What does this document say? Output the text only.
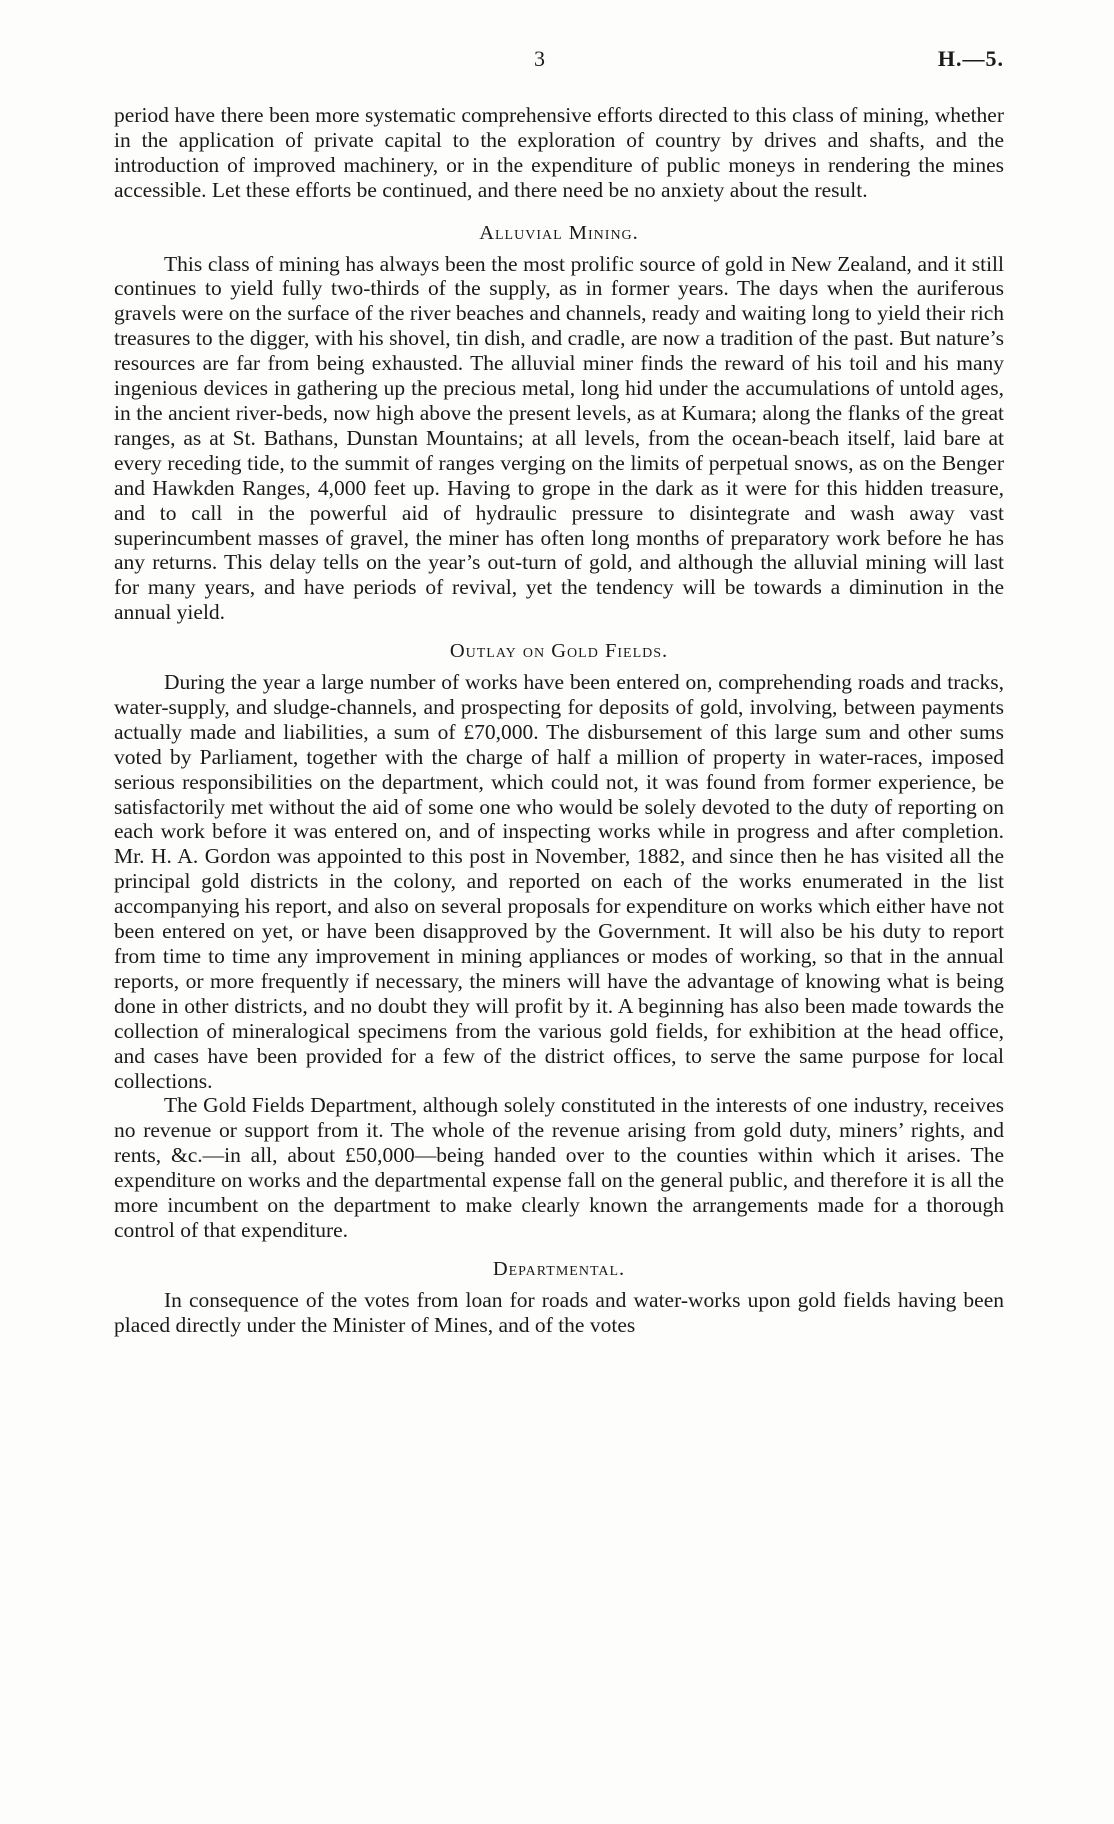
3	H.—5.

period have there been more systematic comprehensive efforts directed to this class of mining, whether in the application of private capital to the exploration of country by drives and shafts, and the introduction of improved machinery, or in the expenditure of public moneys in rendering the mines accessible. Let these efforts be continued, and there need be no anxiety about the result.

Alluvial Mining.

This class of mining has always been the most prolific source of gold in New Zealand, and it still continues to yield fully two-thirds of the supply, as in former years. The days when the auriferous gravels were on the surface of the river beaches and channels, ready and waiting long to yield their rich treasures to the digger, with his shovel, tin dish, and cradle, are now a tradition of the past. But nature’s resources are far from being exhausted. The alluvial miner finds the reward of his toil and his many ingenious devices in gathering up the precious metal, long hid under the accumulations of untold ages, in the ancient river-beds, now high above the present levels, as at Kumara; along the flanks of the great ranges, as at St. Bathans, Dunstan Mountains; at all levels, from the ocean-beach itself, laid bare at every receding tide, to the summit of ranges verging on the limits of perpetual snows, as on the Benger and Hawkden Ranges, 4,000 feet up. Having to grope in the dark as it were for this hidden treasure, and to call in the powerful aid of hydraulic pressure to disintegrate and wash away vast superincumbent masses of gravel, the miner has often long months of preparatory work before he has any returns. This delay tells on the year’s out-turn of gold, and although the alluvial mining will last for many years, and have periods of revival, yet the tendency will be towards a diminution in the annual yield.

Outlay on Gold Fields.

During the year a large number of works have been entered on, comprehending roads and tracks, water-supply, and sludge-channels, and prospecting for deposits of gold, involving, between payments actually made and liabilities, a sum of £70,000. The disbursement of this large sum and other sums voted by Parliament, together with the charge of half a million of property in water-races, imposed serious responsibilities on the department, which could not, it was found from former experience, be satisfactorily met without the aid of some one who would be solely devoted to the duty of reporting on each work before it was entered on, and of inspecting works while in progress and after completion. Mr. H. A. Gordon was appointed to this post in November, 1882, and since then he has visited all the principal gold districts in the colony, and reported on each of the works enumerated in the list accompanying his report, and also on several proposals for expenditure on works which either have not been entered on yet, or have been disapproved by the Government. It will also be his duty to report from time to time any improvement in mining appliances or modes of working, so that in the annual reports, or more frequently if necessary, the miners will have the advantage of knowing what is being done in other districts, and no doubt they will profit by it. A beginning has also been made towards the collection of mineralogical specimens from the various gold fields, for exhibition at the head office, and cases have been provided for a few of the district offices, to serve the same purpose for local collections.

The Gold Fields Department, although solely constituted in the interests of one industry, receives no revenue or support from it. The whole of the revenue arising from gold duty, miners’ rights, and rents, &c.—in all, about £50,000—being handed over to the counties within which it arises. The expenditure on works and the departmental expense fall on the general public, and therefore it is all the more incumbent on the department to make clearly known the arrangements made for a thorough control of that expenditure.

Departmental.

In consequence of the votes from loan for roads and water-works upon gold fields having been placed directly under the Minister of Mines, and of the votes
